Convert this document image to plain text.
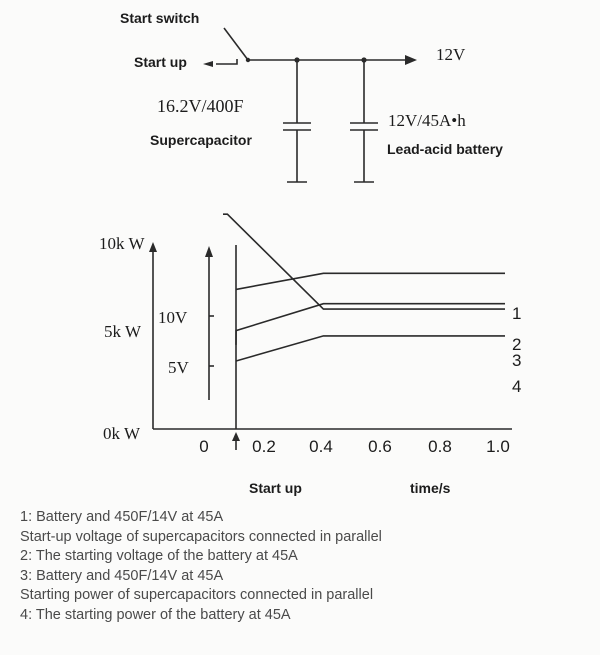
Start switch
Start up	12V
16.2V/400F
Supercapacitor
12V/45A•h
Lead-acid battery
10k W
5k W
0k W
10V
5V
0	0.2 0.4 0.6 0.8 1.0
1
2
3
4
Start up	time/s
1: Battery and 450F/14V at 45A
Start-up voltage of supercapacitors connected in parallel
2: The starting voltage of the battery at 45A
3: Battery and 450F/14V at 45A
Starting power of supercapacitors connected in parallel
4: The starting power of the battery at 45A
